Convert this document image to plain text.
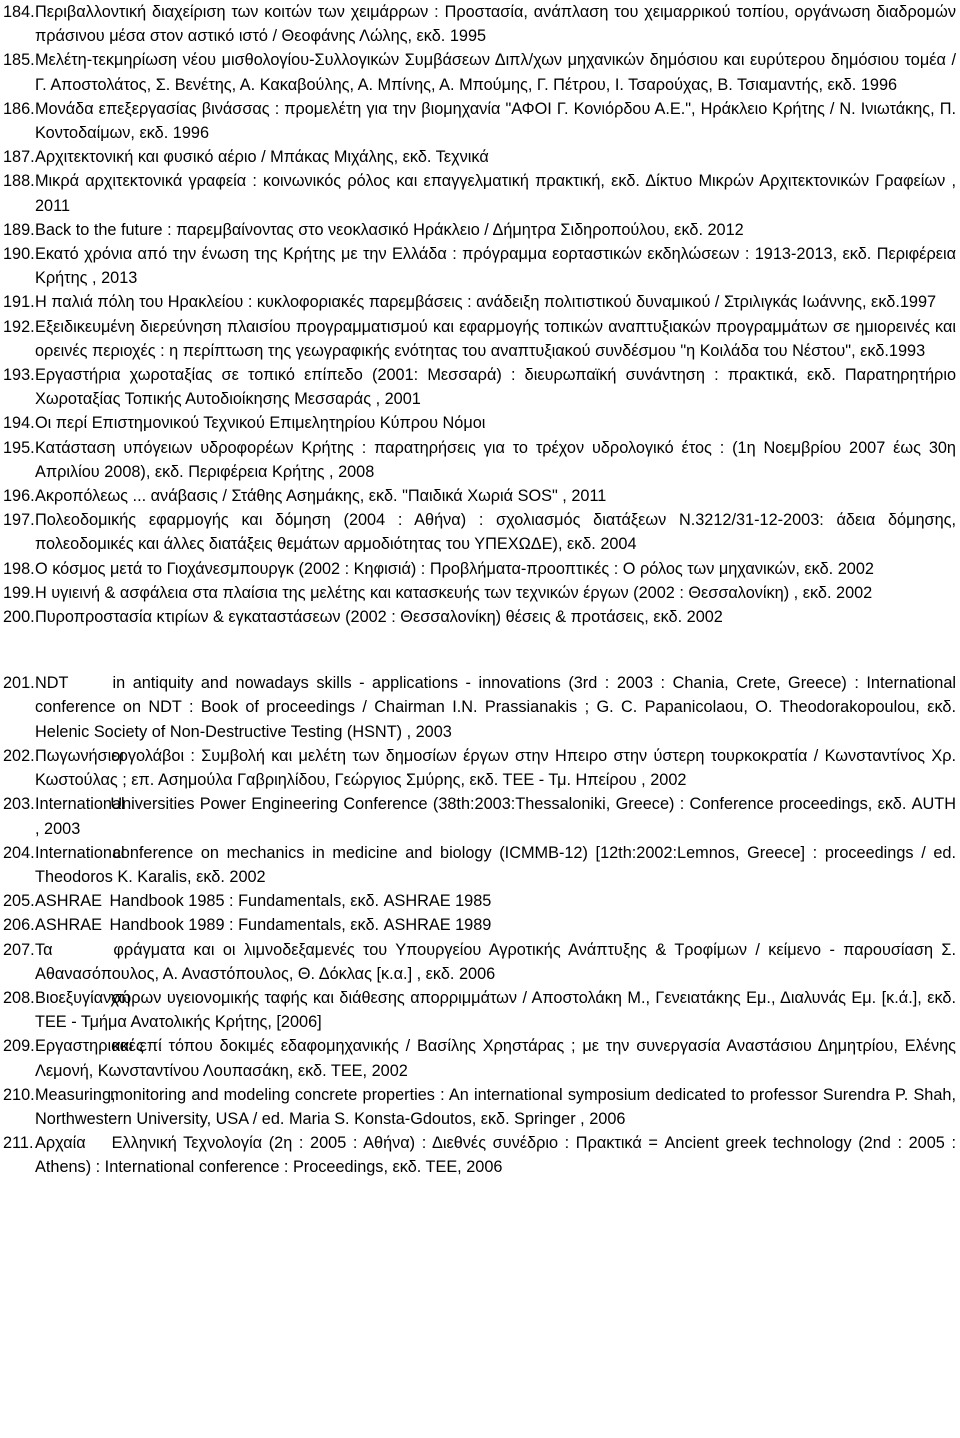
184. Περιβαλλοντική διαχείριση των κοιτών των χειμάρρων : Προστασία, ανάπλαση του χειμαρρικού τοπίου, οργάνωση διαδρομών πράσινου μέσα στον αστικό ιστό / Θεοφάνης Λώλης, εκδ. 1995
185. Μελέτη-τεκμηρίωση νέου μισθολογίου-Συλλογικών Συμβάσεων Διπλ/χων μηχανικών δημόσιου και ευρύτερου δημόσιου τομέα / Γ. Αποστολάτος, Σ. Βενέτης, Α. Κακαβούλης, Α. Μπίνης, Α. Μπούμης, Γ. Πέτρου, Ι. Τσαρούχας, Β. Τσιαμαντής, εκδ. 1996
186. Μονάδα επεξεργασίας βινάσσας : προμελέτη για την βιομηχανία "ΑΦΟΙ Γ. Κονιόρδου Α.Ε.", Ηράκλειο Κρήτης / Ν. Ινιωτάκης, Π. Κοντοδαίμων, εκδ. 1996
187. Αρχιτεκτονική και φυσικό αέριο / Μπάκας Μιχάλης, εκδ. Τεχνικά
188. Μικρά αρχιτεκτονικά γραφεία : κοινωνικός ρόλος και επαγγελματική πρακτική, εκδ. Δίκτυο Μικρών Αρχιτεκτονικών Γραφείων , 2011
189. Back to the future : παρεμβαίνοντας στο νεοκλασικό Ηράκλειο / Δήμητρα Σιδηροπούλου, εκδ. 2012
190. Εκατό χρόνια από την ένωση της Κρήτης με την Ελλάδα : πρόγραμμα εορταστικών εκδηλώσεων : 1913-2013, εκδ. Περιφέρεια Κρήτης , 2013
191. Η παλιά πόλη του Ηρακλείου : κυκλοφοριακές παρεμβάσεις : ανάδειξη πολιτιστικού δυναμικού / Στριλιγκάς Ιωάννης, εκδ.1997
192. Εξειδικευμένη διερεύνηση πλαισίου προγραμματισμού και εφαρμογής τοπικών αναπτυξιακών προγραμμάτων σε ημιορεινές και ορεινές περιοχές : η περίπτωση της γεωγραφικής ενότητας του αναπτυξιακού συνδέσμου "η Κοιλάδα του Νέστου", εκδ.1993
193. Εργαστήρια χωροταξίας σε τοπικό επίπεδο (2001: Μεσσαρά) : διευρωπαϊκή συνάντηση : πρακτικά, εκδ. Παρατηρητήριο Χωροταξίας Τοπικής Αυτοδιοίκησης Μεσσαράς , 2001
194. Οι περί Επιστημονικού Τεχνικού Επιμελητηρίου Κύπρου Νόμοι
195. Κατάσταση υπόγειων υδροφορέων Κρήτης : παρατηρήσεις για το τρέχον υδρολογικό έτος : (1η Νοεμβρίου 2007 έως 30η Απριλίου 2008), εκδ. Περιφέρεια Κρήτης , 2008
196. Ακροπόλεως ... ανάβασις / Στάθης Ασημάκης, εκδ. "Παιδικά Χωριά SOS" , 2011
197. Πολεοδομικής εφαρμογής και δόμηση (2004 : Αθήνα) : σχολιασμός διατάξεων Ν.3212/31-12-2003: άδεια δόμησης, πολεοδομικές και άλλες διατάξεις θεμάτων αρμοδιότητας του ΥΠΕΧΩΔΕ), εκδ. 2004
198. Ο κόσμος μετά το Γιοχάνεσμπουργκ (2002 : Κηφισιά) : Προβλήματα-προοπτικές : Ο ρόλος των μηχανικών, εκδ. 2002
199. Η υγιεινή & ασφάλεια στα πλαίσια της μελέτης και κατασκευής των τεχνικών έργων (2002 : Θεσσαλονίκη) , εκδ. 2002
200. Πυροπροστασία κτιρίων & εγκαταστάσεων (2002 : Θεσσαλονίκη) θέσεις & προτάσεις, εκδ. 2002
201. NDT	in antiquity and nowadays skills - applications - innovations (3rd : 2003 : Chania, Crete, Greece) : International conference on NDT : Book of proceedings / Chairman I.N. Prassianakis ; G. C. Papanicolaou, O. Theodorakopoulou, εκδ. Helenic Society of Non-Destructive Testing (HSNT) , 2003
202. Πωγωνήσιοι εργολάβοι : Συμβολή και μελέτη των δημοσίων έργων στην Ηπειρο στην ύστερη τουρκοκρατία / Κωνσταντίνος Χρ. Κωστούλας ; επ. Ασημούλα Γαβριηλίδου, Γεώργιος Σμύρης, εκδ. ΤΕΕ - Τμ. Ηπείρου , 2002
203. International Universities Power Engineering Conference (38th:2003:Thessaloniki, Greece) : Conference proceedings, εκδ. AUTH , 2003
204. International conference on mechanics in medicine and biology (ICMMB-12) [12th:2002:Lemnos, Greece] : proceedings / ed. Theodoros K. Karalis, εκδ. 2002
205. ASHRAE Handbook 1985 : Fundamentals, εκδ. ASHRAE 1985
206. ASHRAE Handbook 1989 : Fundamentals, εκδ. ASHRAE 1989
207. Τα	φράγματα και οι λιμνοδεξαμενές του Υπουργείου Αγροτικής Ανάπτυξης & Τροφίμων / κείμενο - παρουσίαση Σ. Αθανασόπουλος, Α. Αναστόπουλος, Θ. Δόκλας [κ.α.] , εκδ. 2006
208. Βιοεξυγίανση χώρων υγειονομικής ταφής και διάθεσης απορριμμάτων / Αποστολάκη Μ., Γενειατάκης Εμ., Διαλυνάς Εμ. [κ.ά.], εκδ. ΤΕΕ - Τμήμα Ανατολικής Κρήτης, [2006]
209. Εργαστηριακές και επί τόπου δοκιμές εδαφομηχανικής / Βασίλης Χρηστάρας ; με την συνεργασία Αναστάσιου Δημητρίου, Ελένης Λεμονή, Κωνσταντίνου Λουπασάκη, εκδ. ΤΕΕ, 2002
210. Measuring, monitoring and modeling concrete properties : An international symposium dedicated to professor Surendra P. Shah, Northwestern University, USA / ed. Maria S. Konsta-Gdoutos, εκδ. Springer , 2006
211. Αρχαία Ελληνική Τεχνολογία (2η : 2005 : Αθήνα) : Διεθνές συνέδριο : Πρακτικά = Ancient greek technology (2nd : 2005 : Athens) : International conference : Proceedings, εκδ. ΤΕΕ, 2006
